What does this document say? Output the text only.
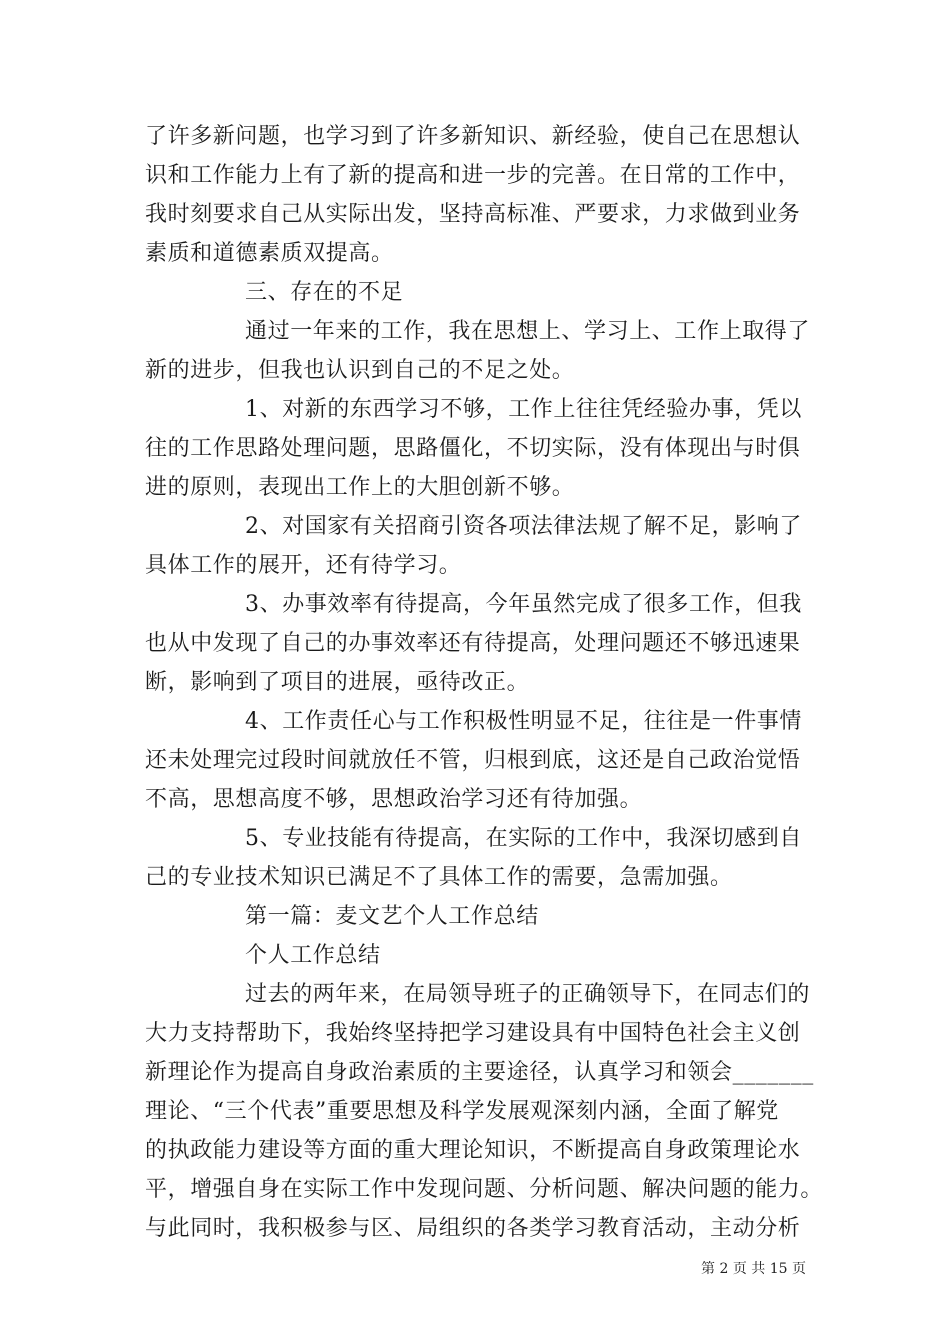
了许多新问题，也学习到了许多新知识、新经验，使自己在思想认
识和工作能力上有了新的提高和进一步的完善。在日常的工作中，
我时刻要求自己从实际出发，坚持高标准、严要求，力求做到业务
素质和道德素质双提高。
三、存在的不足
通过一年来的工作，我在思想上、学习上、工作上取得了
新的进步，但我也认识到自己的不足之处。
1、对新的东西学习不够，工作上往往凭经验办事，凭以
往的工作思路处理问题，思路僵化，不切实际，没有体现出与时俱
进的原则，表现出工作上的大胆创新不够。
2、对国家有关招商引资各项法律法规了解不足，影响了
具体工作的展开，还有待学习。
3、办事效率有待提高，今年虽然完成了很多工作，但我
也从中发现了自己的办事效率还有待提高，处理问题还不够迅速果
断，影响到了项目的进展，亟待改正。
4、工作责任心与工作积极性明显不足，往往是一件事情
还未处理完过段时间就放任不管，归根到底，这还是自己政治觉悟
不高，思想高度不够，思想政治学习还有待加强。
5、专业技能有待提高，在实际的工作中，我深切感到自
己的专业技术知识已满足不了具体工作的需要，急需加强。
第一篇：麦文艺个人工作总结
个人工作总结
过去的两年来，在局领导班子的正确领导下，在同志们的
大力支持帮助下，我始终坚持把学习建设具有中国特色社会主义创
新理论作为提高自身政治素质的主要途径，认真学习和领会_______
理论、“三个代表”重要思想及科学发展观深刻内涵，全面了解党
的执政能力建设等方面的重大理论知识，不断提高自身政策理论水
平，增强自身在实际工作中发现问题、分析问题、解决问题的能力。
与此同时，我积极参与区、局组织的各类学习教育活动，主动分析
第 2 页 共 15 页
